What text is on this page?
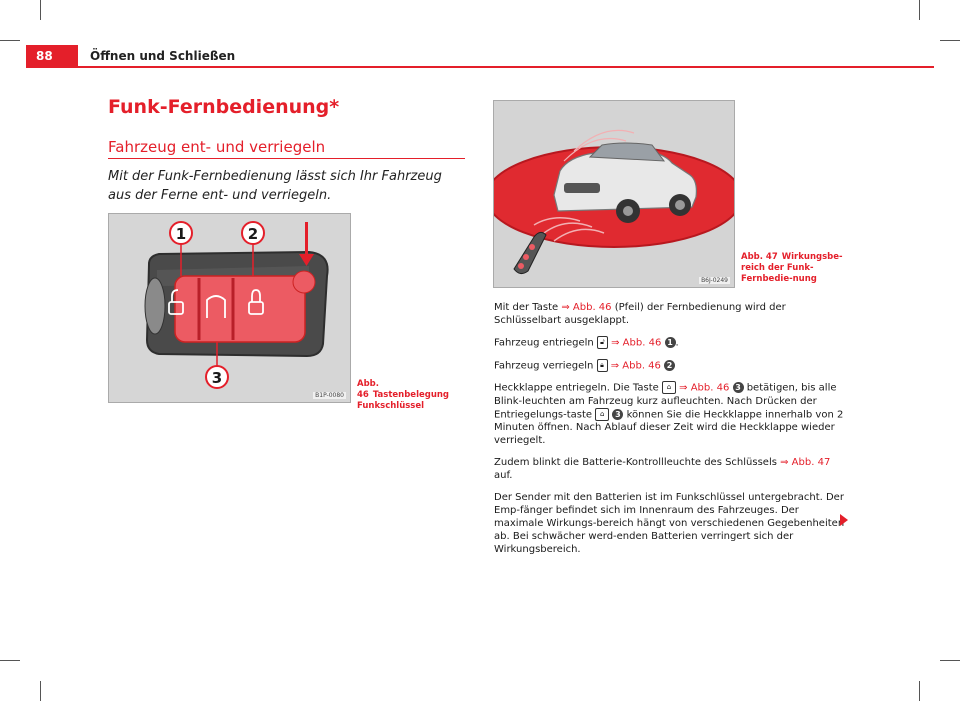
88	Öffnen und Schließen
Funk-Fernbedienung*
Fahrzeug ent- und verriegeln
Mit der Funk-Fernbedienung lässt sich Ihr Fahrzeug aus der Ferne ent- und verriegeln.
1	2
3
B1P-0080
Abb. 46 Tastenbelegung Funkschlüssel
B6J-0249
Abb. 47 Wirkungsbe-reich der Funk-Fernbedie-nung

Mit der Taste ⇒ Abb. 46 (Pfeil) der Fernbedienung wird der Schlüsselbart ausgeklappt.

Fahrzeug entriegeln 🔓︎ ⇒ Abb. 46 1 .

Fahrzeug verriegeln 🔒︎ ⇒ Abb. 46 2

Heckklappe entriegeln. Die Taste ⌂ ⇒ Abb. 46 3 betätigen, bis alle Blink-leuchten am Fahrzeug kurz aufleuchten. Nach Drücken der Entriegelungs-taste ⌂ 3 können Sie die Heckklappe innerhalb von 2 Minuten öffnen. Nach Ablauf dieser Zeit wird die Heckklappe wieder verriegelt.

Zudem blinkt die Batterie-Kontrollleuchte des Schlüssels ⇒ Abb. 47 auf.

Der Sender mit den Batterien ist im Funkschlüssel untergebracht. Der Emp-fänger befindet sich im Innenraum des Fahrzeuges. Der maximale Wirkungs-bereich hängt von verschiedenen Gegebenheiten ab. Bei schwächer werd-enden Batterien verringert sich der Wirkungsbereich.
